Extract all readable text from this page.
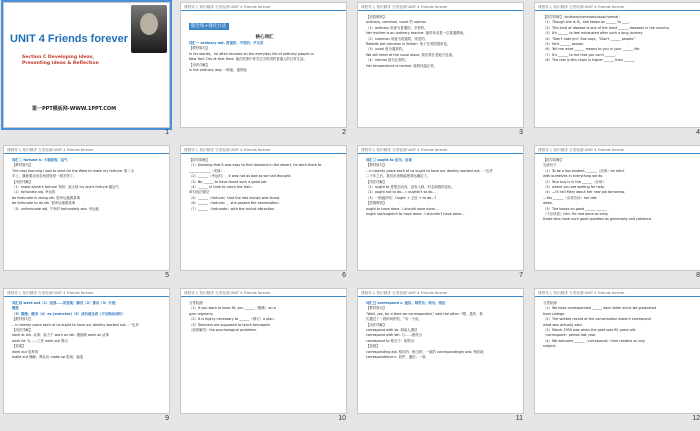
UNIT 4 Friends forever
Section C Developing ideas，
Presenting ideas & Reflection
第一PPT模板网-WWW.1PPT.COM
1
课程导入 知识精讲 当堂检测 UNIT 4 Friends forever
随堂练+强化方法
核心词汇
词汇一 ordinary adj. 普通的；平常的；平凡的
【教材原句】
In his stories，he often focused on the everyday life of ordinary people in
New York City at that time. 他在故事中常关注当时纽约普通人的日常生活。
【用法详解】
in the ordinary way 一般地；通常地
2
课程导入 知识精讲 当堂检测 UNIT 4 Friends forever
【词语辨析】
ordinary, common, usual 的 normal
（1）ordinary 用意为普通的、平常的。
Her mother is an ordinary teacher. 她的母亲是一位普通教师。
（2）common 用意为普通的、常见的。
Rabbits are common in Britain. 兔子在英国很常见。
（3）usual 意为通常的。
We will meet at the usual place. 我们将在老地方见面。
（4）normal 意为正常的。
Her temperature is normal. 她的体温正常。
3
课程导入 知识精讲 当堂检测 UNIT 4 Friends forever
【即学即练】（ordinary/common/usual/normal）
（1）Though she is ill，she keeps on ______ to ____.
（2）This kind of disease is one of the most ______ diseases in the country.
（3）It's ______ to feel exhausted after such a long journey.
（4）"Don't hate Jim" Zoe says，"Don't ______ people."
（5）He's ______ person.
（6）Tell me what ______ means to you in your ______ life.
（7）It's ______ to me that you can't ______.
（8）The rest is this chain is higher ______ than ______.
4
课程导入 知识精讲 当堂检测 UNIT 4 Friends forever
词汇二 fortune n. 大笔财钱；运气
【教材原句】
The next morning I was to start for the West to make my fortune. 第二天
早上，我就要动身去西部发财一展宏图了。
【用法详解】
（1）make a/one's fortune 发财；致大财 try one's fortune 碰运气
（2）fortunate adj. 幸运的
be fortunate in doing sth. 很幸运地做某事
be fortunate to do sth. 很幸运地做某事
（3）unfortunate adj. 不幸的 fortunately adv. 幸运地
5
课程导入 知识精讲 当堂检测 UNIT 4 Friends forever
【即学即练】
（1）Knowing that it was easy to find diamond in the desert, he went there to
______ ______（发财）.
（2）______（幸运的），it was not as bad as we had thought.
（3）Be ______ to have found such a good job.
（4）______ in time to catch the train.
单句语法填空
（5）______（fortune）that the lost money was found.
（6）______（fortune），she passed the examination.
（7）______（fortunate）with the tourist attraction.
6
课程导入 知识精讲 当堂检测 UNIT 4 Friends forever
词汇三 ought to 应当；应该
【教材原句】
…in twenty years each of us ought to have our destiny worked out…一也许
二十年之后，我们应该都能把命运确定了。
【用法详解】
（1）ought to 是情态动词，没有人称、时态和数的变化。
（2）ought not to do...= oughtn't to do...
（3）一般疑问句：Ought + 主语 + to do...?
【语境辨析】
ought to have done...I should have done...
ought not/oughtn't to have done...I shouldn't have done...
7
课程导入 知识精讲 当堂检测 UNIT 4 Friends forever
【即学即练】
完成句子
（1）To be a top student, ______（应该）be strict
with ourselves in everything we do.
（2）Your bus is in the ______（应该）
（3）where you are waiting for help.
（4）—I'll tell Mary about her new job tomorrow.
—You ______（应该告诉）her last
week.
（5）The books on good ______ ______
（不应该说）him. He had done so early.
those who have such good qualities as generosity and patience.
8
课程导入 知识精讲 当堂检测 UNIT 4 Friends forever
词汇四 work out（1）找到……的答案；解决（2）算出（3）计划；
锻炼
（3）锻炼；健身（4）ex (exercise)（5）成功地完成（不及物动词时）
【教材原句】
…in twenty years each of us ought to have our destiny worked out…一也许
【用法详解】
work at sth. 从事；致力于 work on sth. 继续做 work as 从事
work for 为……工作 work out 算出
【拓展】
work out 培养再
make out 理解；辨认出 make up 组成；编造
9
课程导入 知识精讲 当堂检测 UNIT 4 Friends forever
当堂检测
（1）If you want to keep fit, you ______（锻炼）on a
gym regularly.
（2）It is highly necessary to ______（制订）a plan.
（3）Teachers are supposed to teach teenagers
（如何解决）the psychological problems.
10
课程导入 知识精讲 当堂检测 UNIT 4 Friends forever
词汇五 correspond v. 通信；相符合；相当；相应
【教材原句】
"Well, yes, for a time we corresponded," said the other. "嗯，是的，我
们通过了一段时间的信，"另一个说。
【用法详解】
correspond with sb. 和某人通信
correspond with sth. 与……相符合
correspond to 相当于；相符合
【拓展】
corresponding adj. 相应的；相当的；一致的 correspondingly adv. 相应地
correspondence n. 信件；通信；一致
11
课程导入 知识精讲 当堂检测 UNIT 4 Friends forever
当堂检测
（1）We have corresponded ______ each other since we graduated
from college.
（2）The written record of the conversation doesn't correspond
what was actually said.
（3）March 1930 was when the poet was 90 years old.
（correspond）period last year.
（4）We welcome ______（correspond）from readers on any
subject.
12
